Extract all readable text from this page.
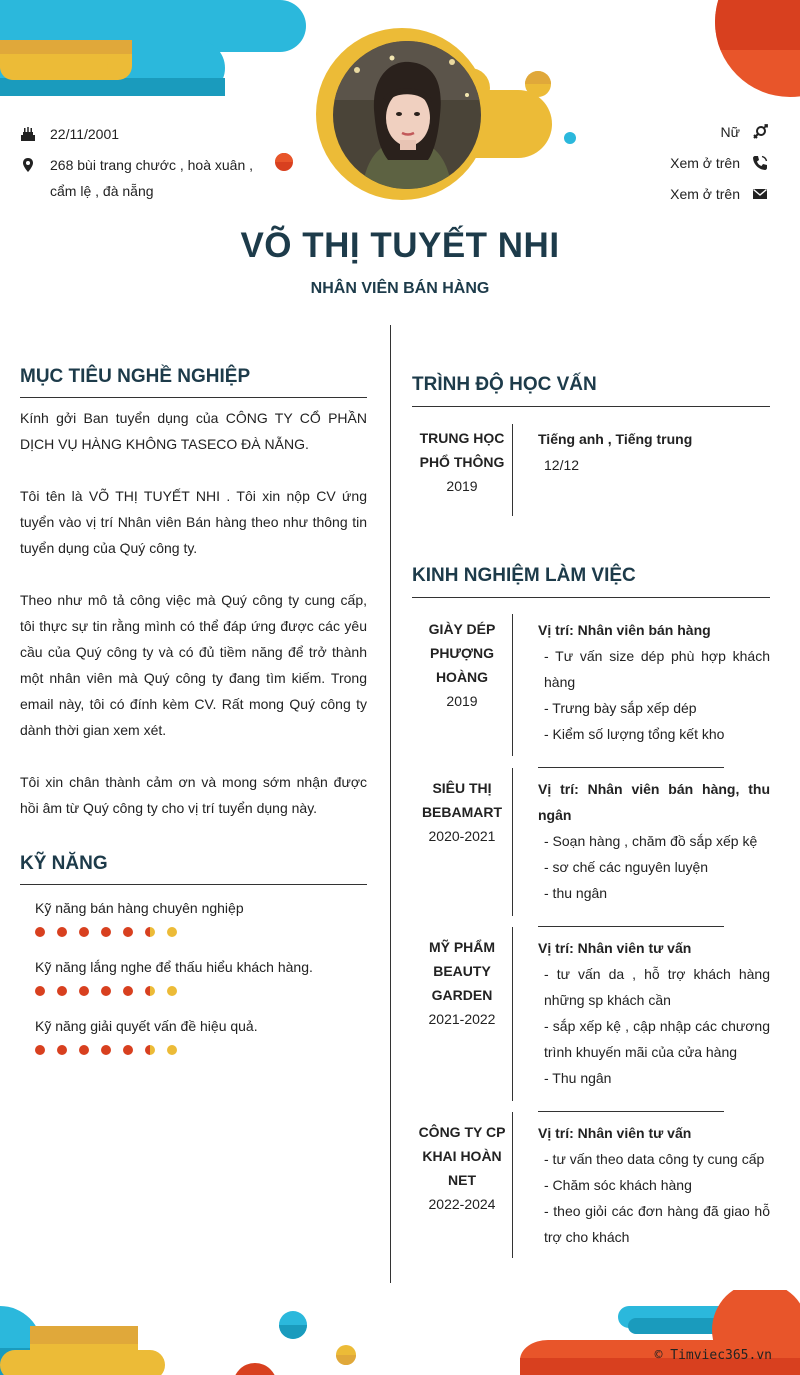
22/11/2001
268 bùi trang chước , hoà xuân , cẩm lệ , đà nẵng
Nữ
Xem ở trên
Xem ở trên
VÕ THỊ TUYẾT NHI
NHÂN VIÊN BÁN HÀNG
MỤC TIÊU NGHỀ NGHIỆP
Kính gởi Ban tuyển dụng của CÔNG TY CỔ PHẦN DỊCH VỤ HÀNG KHÔNG TASECO ĐÀ NẴNG.
Tôi tên là VÕ THỊ TUYẾT NHI . Tôi xin nộp CV ứng tuyển vào vị trí Nhân viên Bán hàng theo như thông tin tuyển dụng của Quý công ty.
Theo như mô tả công việc mà Quý công ty cung cấp, tôi thực sự tin rằng mình có thể đáp ứng được các yêu cầu của Quý công ty và có đủ tiềm năng để trở thành một nhân viên mà Quý công ty đang tìm kiếm. Trong email này, tôi có đính kèm CV. Rất mong Quý công ty dành thời gian xem xét.
Tôi xin chân thành cảm ơn và mong sớm nhận được hồi âm từ Quý công ty cho vị trí tuyển dụng này.
KỸ NĂNG
Kỹ năng bán hàng chuyên nghiệp
Kỹ năng lắng nghe để thấu hiểu khách hàng.
Kỹ năng giải quyết vấn đề hiệu quả.
TRÌNH ĐỘ HỌC VẤN
TRUNG HỌC PHỔ THÔNG
2019
Tiếng anh , Tiếng trung
12/12
KINH NGHIỆM LÀM VIỆC
GIÀY DÉP PHƯỢNG HOÀNG
2019
Vị trí: Nhân viên bán hàng
- Tư vấn size dép phù hợp khách hàng
- Trưng bày sắp xếp dép
- Kiểm số lượng tổng kết kho
SIÊU THỊ BEBAMART
2020-2021
Vị trí: Nhân viên bán hàng, thu ngân
- Soạn hàng , chăm đồ sắp xếp kệ
- sơ chế các nguyên luyện
- thu ngân
MỸ PHẨM BEAUTY GARDEN
2021-2022
Vị trí: Nhân viên tư vấn
- tư vấn da , hỗ trợ khách hàng những sp khách cần
- sắp xếp kệ , cập nhập các chương trình khuyến mãi của cửa hàng
- Thu ngân
CÔNG TY CP KHAI HOÀN NET
2022-2024
Vị trí: Nhân viên tư vấn
- tư vấn theo data công ty cung cấp
- Chăm sóc khách hàng
- theo giỏi các đơn hàng đã giao hỗ trợ cho khách
© Timviec365.vn
